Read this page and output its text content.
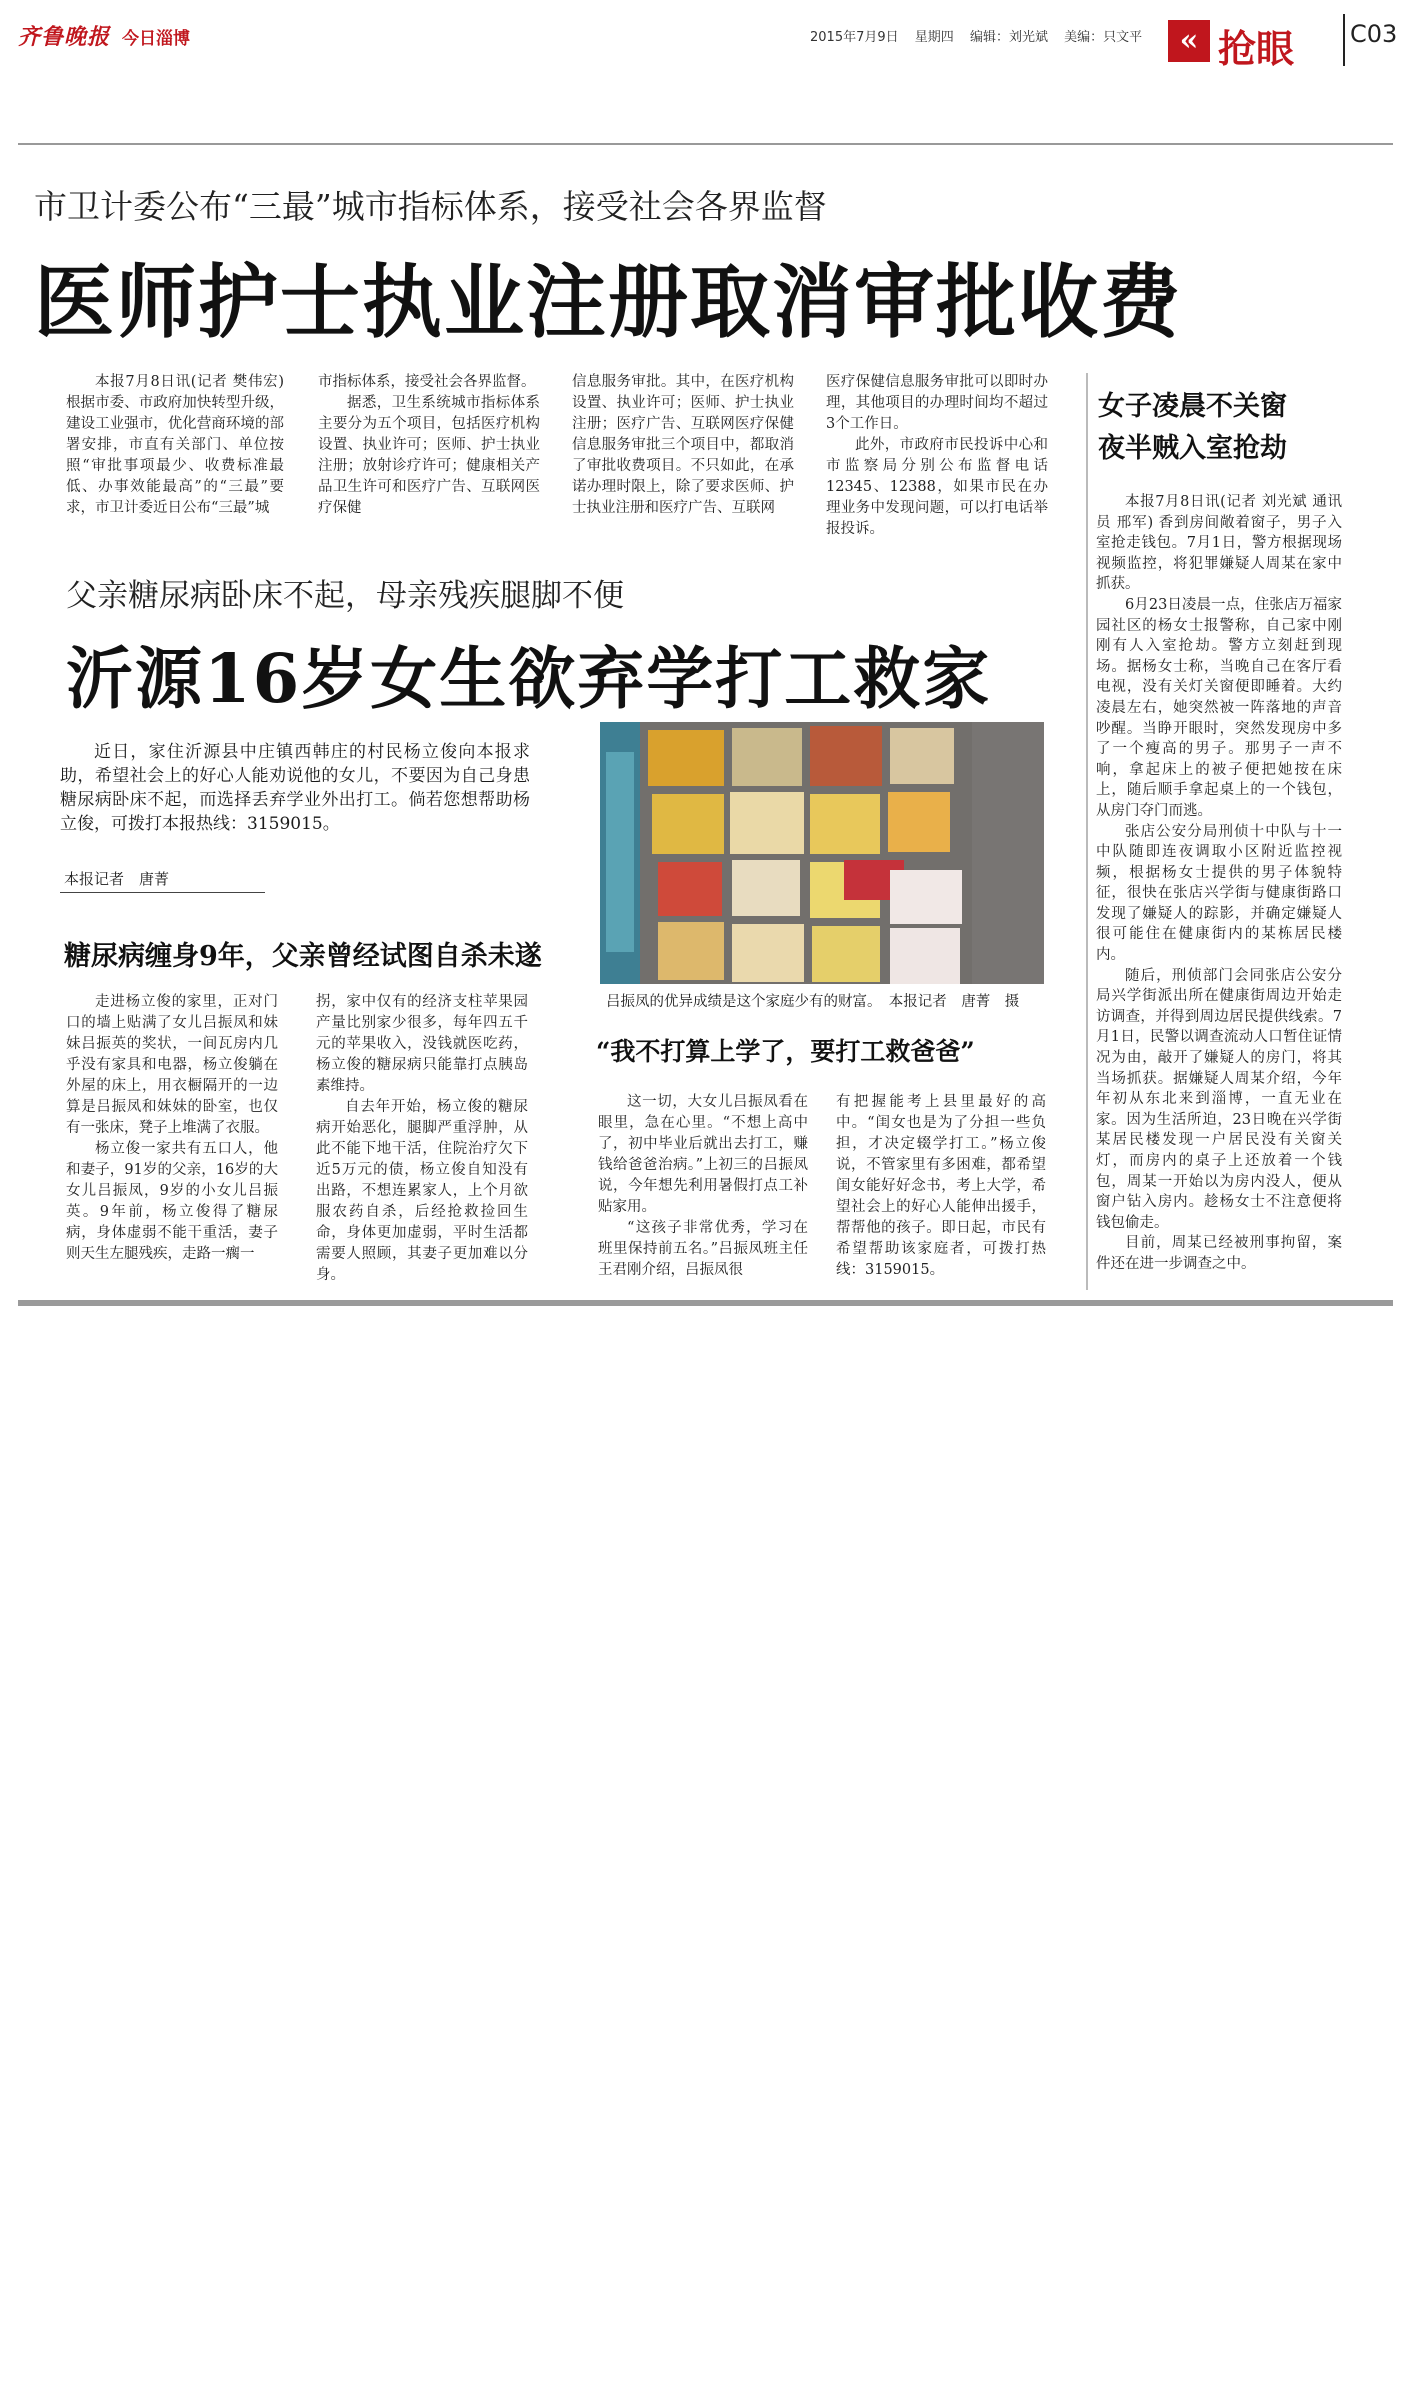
齐鲁晚报 今日淄博	2015年7月9日 星期四 编辑：刘光斌 美编：只文平	« 抢眼 C03
市卫计委公布“三最”城市指标体系，接受社会各界监督
医师护士执业注册取消审批收费

本报7月8日讯(记者 樊伟宏) 根据市委、市政府加快转型升级，建设工业强市，优化营商环境的部署安排，市直有关部门、单位按照“审批事项最少、收费标准最低、办事效能最高”的“三最”要求，市卫计委近日公布“三最”城

市指标体系，接受社会各界监督。

据悉，卫生系统城市指标体系主要分为五个项目，包括医疗机构设置、执业许可；医师、护士执业注册；放射诊疗许可；健康相关产品卫生许可和医疗广告、互联网医疗保健

信息服务审批。其中，在医疗机构设置、执业许可；医师、护士执业注册；医疗广告、互联网医疗保健信息服务审批三个项目中，都取消了审批收费项目。不只如此，在承诺办理时限上，除了要求医师、护士执业注册和医疗广告、互联网

医疗保健信息服务审批可以即时办理，其他项目的办理时间均不超过3个工作日。

此外，市政府市民投诉中心和市监察局分别公布监督电话12345、12388，如果市民在办理业务中发现问题，可以打电话举报投诉。

女子凌晨不关窗
夜半贼入室抢劫

本报7月8日讯(记者 刘光斌 通讯员 邢军) 香到房间敞着窗子，男子入室抢走钱包。7月1日，警方根据现场视频监控，将犯罪嫌疑人周某在家中抓获。

6月23日凌晨一点，住张店万福家园社区的杨女士报警称，自己家中刚刚有人入室抢劫。警方立刻赶到现场。据杨女士称，当晚自己在客厅看电视，没有关灯关窗便即睡着。大约凌晨左右，她突然被一阵落地的声音吵醒。当睁开眼时，突然发现房中多了一个瘦高的男子。那男子一声不响，拿起床上的被子便把她按在床上，随后顺手拿起桌上的一个钱包，从房门夺门而逃。

张店公安分局刑侦十中队与十一中队随即连夜调取小区附近监控视频，根据杨女士提供的男子体貌特征，很快在张店兴学街与健康街路口发现了嫌疑人的踪影，并确定嫌疑人很可能住在健康街内的某栋居民楼内。

随后，刑侦部门会同张店公安分局兴学街派出所在健康街周边开始走访调查，并得到周边居民提供线索。7月1日，民警以调查流动人口暂住证情况为由，敲开了嫌疑人的房门，将其当场抓获。据嫌疑人周某介绍，今年年初从东北来到淄博，一直无业在家。因为生活所迫，23日晚在兴学街某居民楼发现一户居民没有关窗关灯，而房内的桌子上还放着一个钱包，周某一开始以为房内没人，便从窗户钻入房内。趁杨女士不注意便将钱包偷走。

目前，周某已经被刑事拘留，案件还在进一步调查之中。

父亲糖尿病卧床不起，母亲残疾腿脚不便
沂源16岁女生欲弃学打工救家

近日，家住沂源县中庄镇西韩庄的村民杨立俊向本报求助，希望社会上的好心人能劝说他的女儿，不要因为自己身患糖尿病卧床不起，而选择丢弃学业外出打工。倘若您想帮助杨立俊，可拨打本报热线：3159015。

本报记者　唐菁
吕振凤的优异成绩是这个家庭少有的财富。　本报记者　唐菁　摄
糖尿病缠身9年，父亲曾经试图自杀未遂

走进杨立俊的家里，正对门口的墙上贴满了女儿吕振凤和妹妹吕振英的奖状，一间瓦房内几乎没有家具和电器，杨立俊躺在外屋的床上，用衣橱隔开的一边算是吕振凤和妹妹的卧室，也仅有一张床，凳子上堆满了衣服。

杨立俊一家共有五口人，他和妻子，91岁的父亲，16岁的大女儿吕振凤，9岁的小女儿吕振英。9年前，杨立俊得了糖尿病，身体虚弱不能干重活，妻子则天生左腿残疾，走路一瘸一

拐，家中仅有的经济支柱苹果园产量比别家少很多，每年四五千元的苹果收入，没钱就医吃药，杨立俊的糖尿病只能靠打点胰岛素维持。

自去年开始，杨立俊的糖尿病开始恶化，腿脚严重浮肿，从此不能下地干活，住院治疗欠下近5万元的债，杨立俊自知没有出路，不想连累家人，上个月欲服农药自杀，后经抢救捡回生命，身体更加虚弱，平时生活都需要人照顾，其妻子更加难以分身。

“我不打算上学了，要打工救爸爸”

这一切，大女儿吕振凤看在眼里，急在心里。“不想上高中了，初中毕业后就出去打工，赚钱给爸爸治病。”上初三的吕振凤说，今年想先利用暑假打点工补贴家用。

“这孩子非常优秀，学习在班里保持前五名。”吕振凤班主任王君刚介绍，吕振凤很

有把握能考上县里最好的高中。“闺女也是为了分担一些负担，才决定辍学打工。”杨立俊说，不管家里有多困难，都希望闺女能好好念书，考上大学，希望社会上的好心人能伸出援手，帮帮他的孩子。即日起，市民有希望帮助该家庭者，可拨打热线：3159015。
